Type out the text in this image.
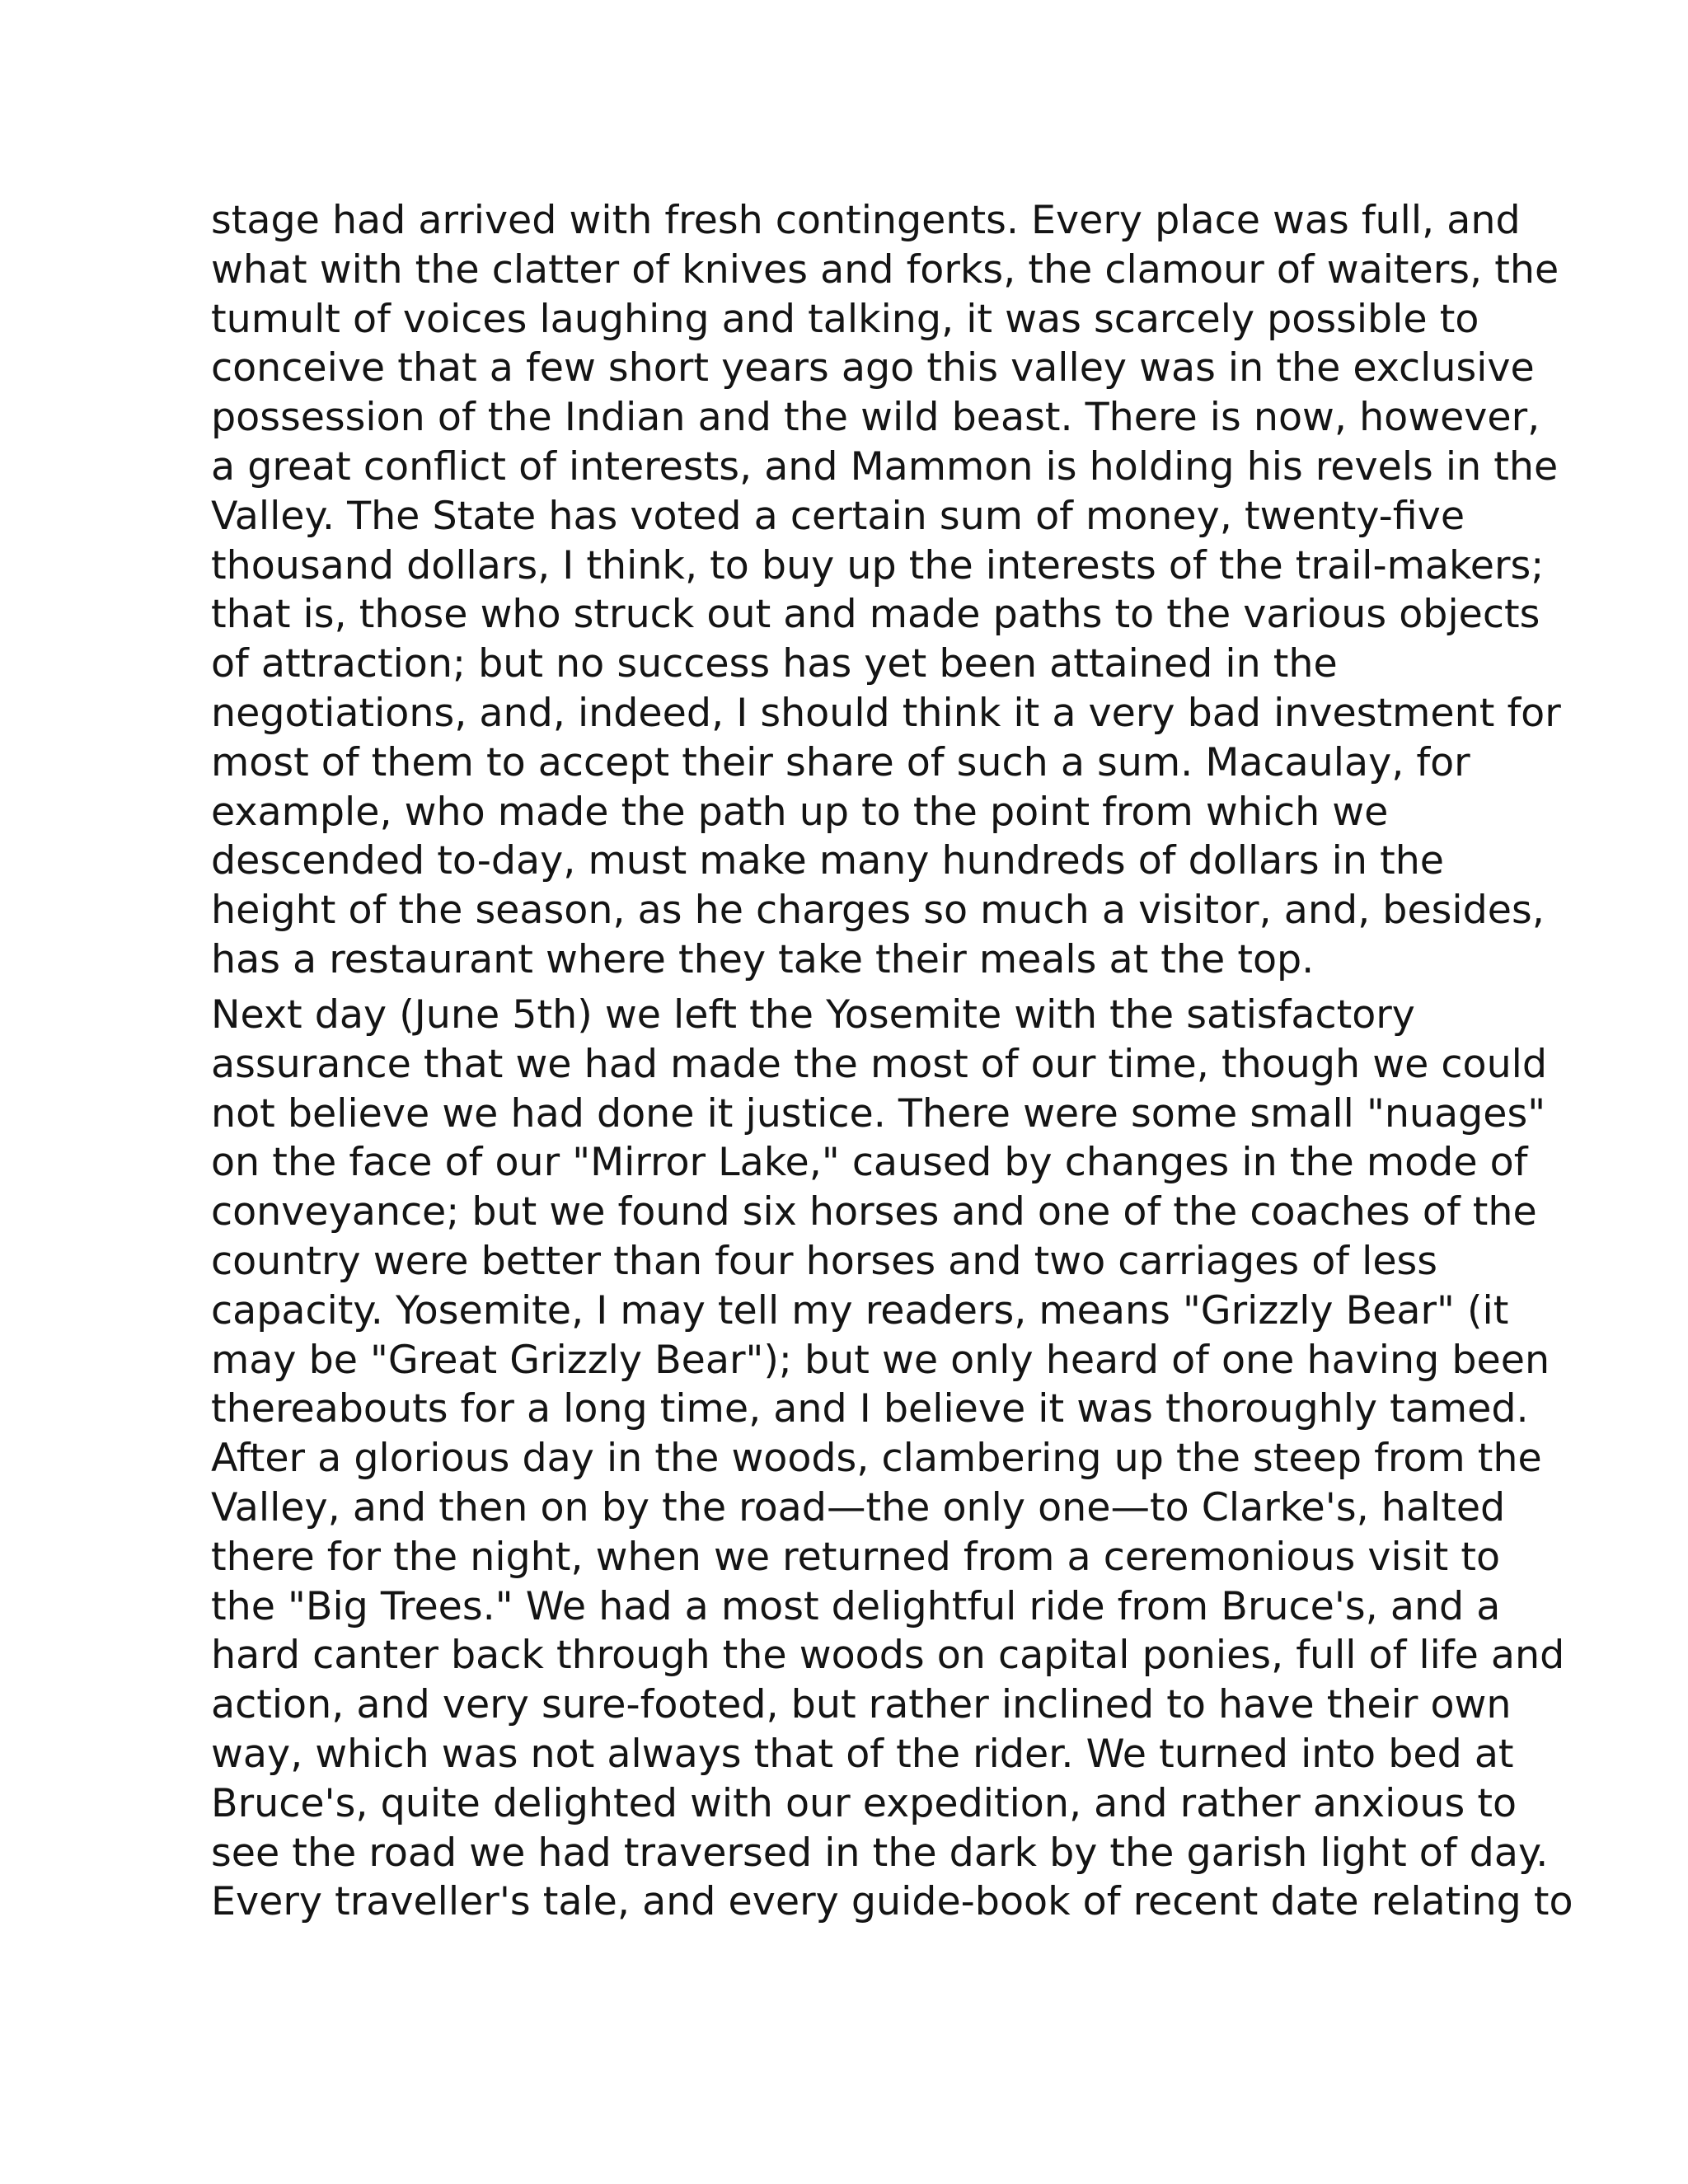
stage had arrived with fresh contingents. Every place was full, and
what with the clatter of knives and forks, the clamour of waiters, the
tumult of voices laughing and talking, it was scarcely possible to
conceive that a few short years ago this valley was in the exclusive
possession of the Indian and the wild beast. There is now, however,
a great conflict of interests, and Mammon is holding his revels in the
Valley. The State has voted a certain sum of money, twenty-five
thousand dollars, I think, to buy up the interests of the trail-makers;
that is, those who struck out and made paths to the various objects
of attraction; but no success has yet been attained in the
negotiations, and, indeed, I should think it a very bad investment for
most of them to accept their share of such a sum. Macaulay, for
example, who made the path up to the point from which we
descended to-day, must make many hundreds of dollars in the
height of the season, as he charges so much a visitor, and, besides,
has a restaurant where they take their meals at the top.
Next day (June 5th) we left the Yosemite with the satisfactory
assurance that we had made the most of our time, though we could
not believe we had done it justice. There were some small "nuages"
on the face of our "Mirror Lake," caused by changes in the mode of
conveyance; but we found six horses and one of the coaches of the
country were better than four horses and two carriages of less
capacity. Yosemite, I may tell my readers, means "Grizzly Bear" (it
may be "Great Grizzly Bear"); but we only heard of one having been
thereabouts for a long time, and I believe it was thoroughly tamed.
After a glorious day in the woods, clambering up the steep from the
Valley, and then on by the road—the only one—to Clarke's, halted
there for the night, when we returned from a ceremonious visit to
the "Big Trees." We had a most delightful ride from Bruce's, and a
hard canter back through the woods on capital ponies, full of life and
action, and very sure-footed, but rather inclined to have their own
way, which was not always that of the rider. We turned into bed at
Bruce's, quite delighted with our expedition, and rather anxious to
see the road we had traversed in the dark by the garish light of day.
Every traveller's tale, and every guide-book of recent date relating to
